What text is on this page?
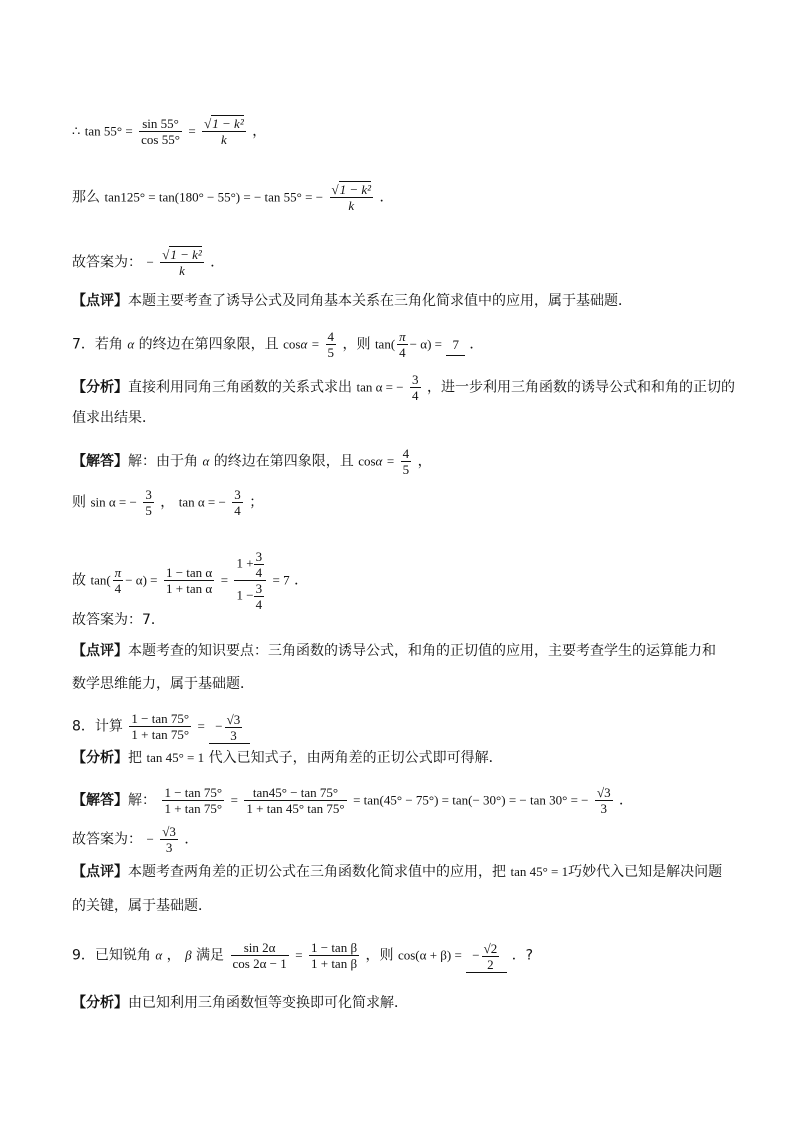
∴ $\tan 55^\circ = \frac{\sin 55^\circ}{\cos 55^\circ} = \frac{\text{√1 − k²}}{k}$ ，
那么 tan125° = tan(180° − 55°) = − tan 55° = − $\frac{\text{√1 − k²}}{k}$ ．
故答案为： − $\frac{\text{√1 − k²}}{k}$ ．
【点评】本题主要考查了诱导公式及同角基本关系在三角化简求值中的应用，属于基础题．
7．若角 α 的终边在第四象限，且 $\cos\alpha = \frac{4}{5}$ ，则 $\tan( \frac{\pi}{4} - \alpha) = 7$ ．
【分析】直接利用同角三角函数的关系式求出 tan α = − $\frac{3}{4}$ ，进一步利用三角函数的诱导公式和和角的正切的
值求出结果．
【解答】解：由于角 α 的终边在第四象限，且 $\cos\alpha = \frac{4}{5}$ ，
则 sin α = − $\frac{3}{5}$ ， tan α = − $\frac{3}{4}$ ；
故 $\tan( \frac{\pi}{4} - \alpha) = \frac{\text{1 − tan α}}{\text{1 + tan α}} = \frac{1 + \frac{3}{4}}{1 - \frac{3}{4}} = 7$ ．
故答案为：7．
【点评】本题考查的知识要点：三角函数的诱导公式，和角的正切值的应用，主要考查学生的运算能力和
数学思维能力，属于基础题．
8．计算 $\frac{1 - \tan 75^\circ}{1 + \tan 75^\circ}$ = − $\frac{√3}{3}$
【分析】把 tan 45° = 1 代入已知式子，由两角差的正切公式即可得解．
【解答】解： $\frac{1 - \tan 75^\circ}{1 + \tan 75^\circ} = \frac{\tan 45^\circ - \tan 75^\circ}{1 + \tan 45^\circ \tan 75^\circ} = \tan(45^\circ - 75^\circ) = \tan(- 30^\circ)$ = − tan 30° = − $\frac{√3}{3}$ ．
故答案为： − $\frac{√3}{3}$ ．
【点评】本题考查两角差的正切公式在三角函数化简求值中的应用，把 tan 45° = 1巧妙代入已知是解决问题
的关键，属于基础题．
9．已知锐角 α ， β 满足 $\frac{\sin 2\alpha}{\cos 2\alpha - 1} = \frac{\text{1 − tan β}}{\text{1 + tan β}}$ ，则 cos(α + β) = − $\frac{√2}{2}$ ．?
【分析】由已知利用三角函数恒等变换即可化简求解．
